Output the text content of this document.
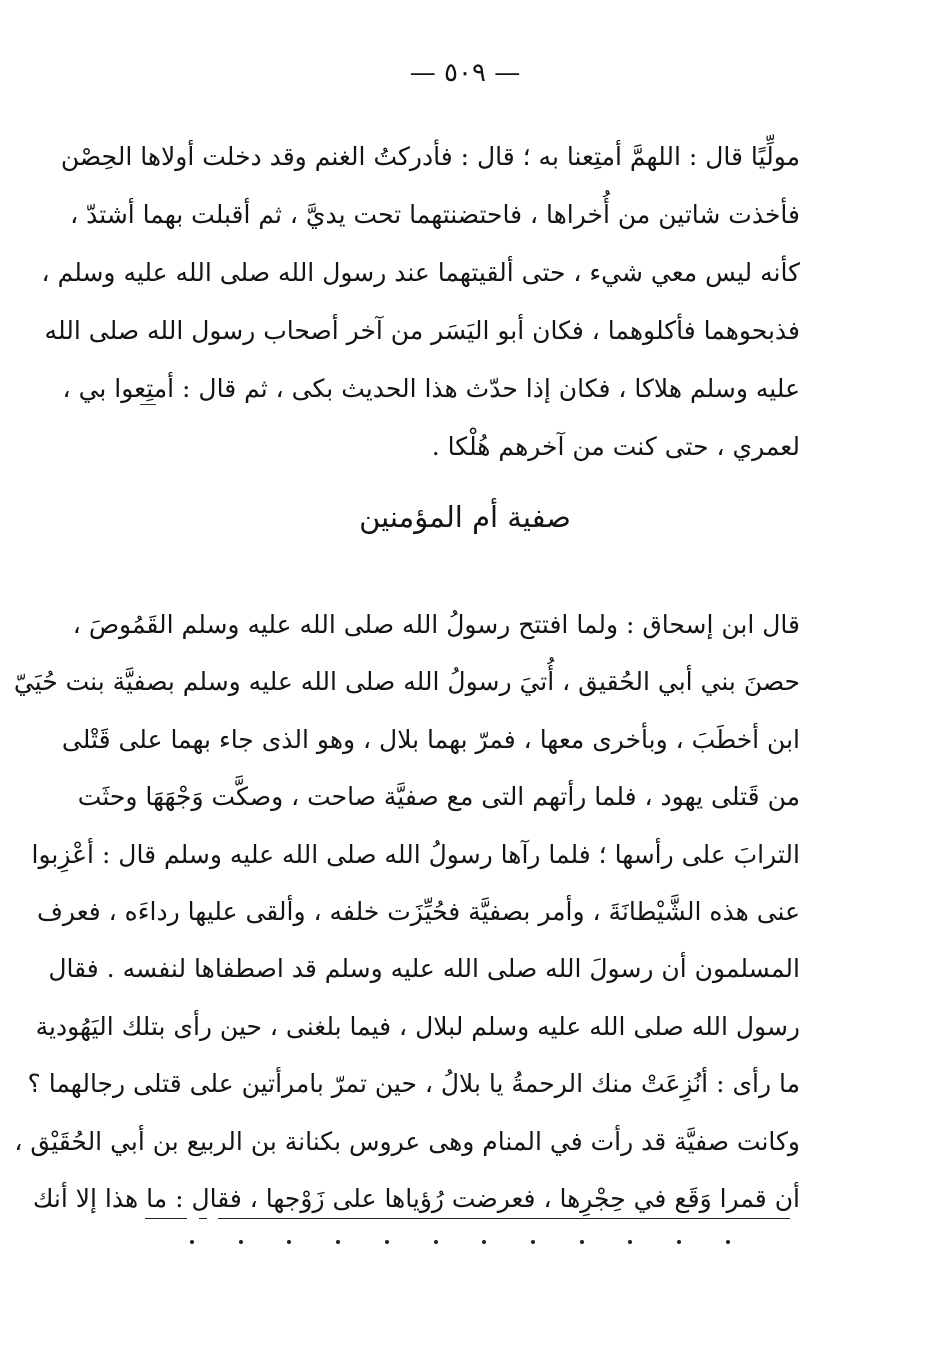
— ٥٠٩ —
مولِّيًا قال : اللهمَّ أمتِعنا به ؛ قال : فأدركتُ الغنم وقد دخلت أولاها الحِصْن
فأخذت شاتين من أُخراها ، فاحتضنتهما تحت يديَّ ، ثم أقبلت بهما أشتدّ ،
كأنه ليس معي شيء ، حتى ألقيتهما عند رسول الله صلى الله عليه وسلم ،
فذبحوهما فأكلوهما ، فكان أبو اليَسَر من آخر أصحاب رسول الله صلى الله
عليه وسلم هلاكا ، فكان إذا حدّث هذا الحديث بكى ، ثم قال : أمتِعوا بي ،
لعمري ، حتى كنت من آخرهم هُلْكا .
صفية أم المؤمنين
قال ابن إسحاق : ولما افتتح رسولُ الله صلى الله عليه وسلم القَمُوصَ ،
حصنَ بني أبي الحُقيق ، أُتيَ رسولُ الله صلى الله عليه وسلم بصفيَّة بنت حُيَيّ
ابن أخطَبَ ، وبأخرى معها ، فمرّ بهما بلال ، وهو الذى جاء بهما على قَتْلى
من قَتلى يهود ، فلما رأتهم التى مع صفيَّة صاحت ، وصكَّت وَجْهَهَا وحثَت
الترابَ على رأسها ؛ فلما رآها رسولُ الله صلى الله عليه وسلم قال : أعْزِبوا
عنى هذه الشَّيْطانَةَ ، وأمر بصفيَّة فحُيِّزَت خلفه ، وألقى عليها رداءَه ، فعرف
المسلمون أن رسولَ الله صلى الله عليه وسلم قد اصطفاها لنفسه . فقال
رسول الله صلى الله عليه وسلم لبلال ، فيما بلغنى ، حين رأى بتلك اليَهُودية
ما رأى : أنُزِعَتْ منك الرحمةُ يا بلالُ ، حين تمرّ بامرأتين على قتلى رجالهما ؟
وكانت صفيَّة قد رأت في المنام وهى عروس بكنانة بن الربيع بن أبي الحُقَيْق ،
أن قمرا وَقَع في حِجْرِها ، فعرضت رُؤياها على زَوْجها ، فقال : ما هذا إلا أنك
